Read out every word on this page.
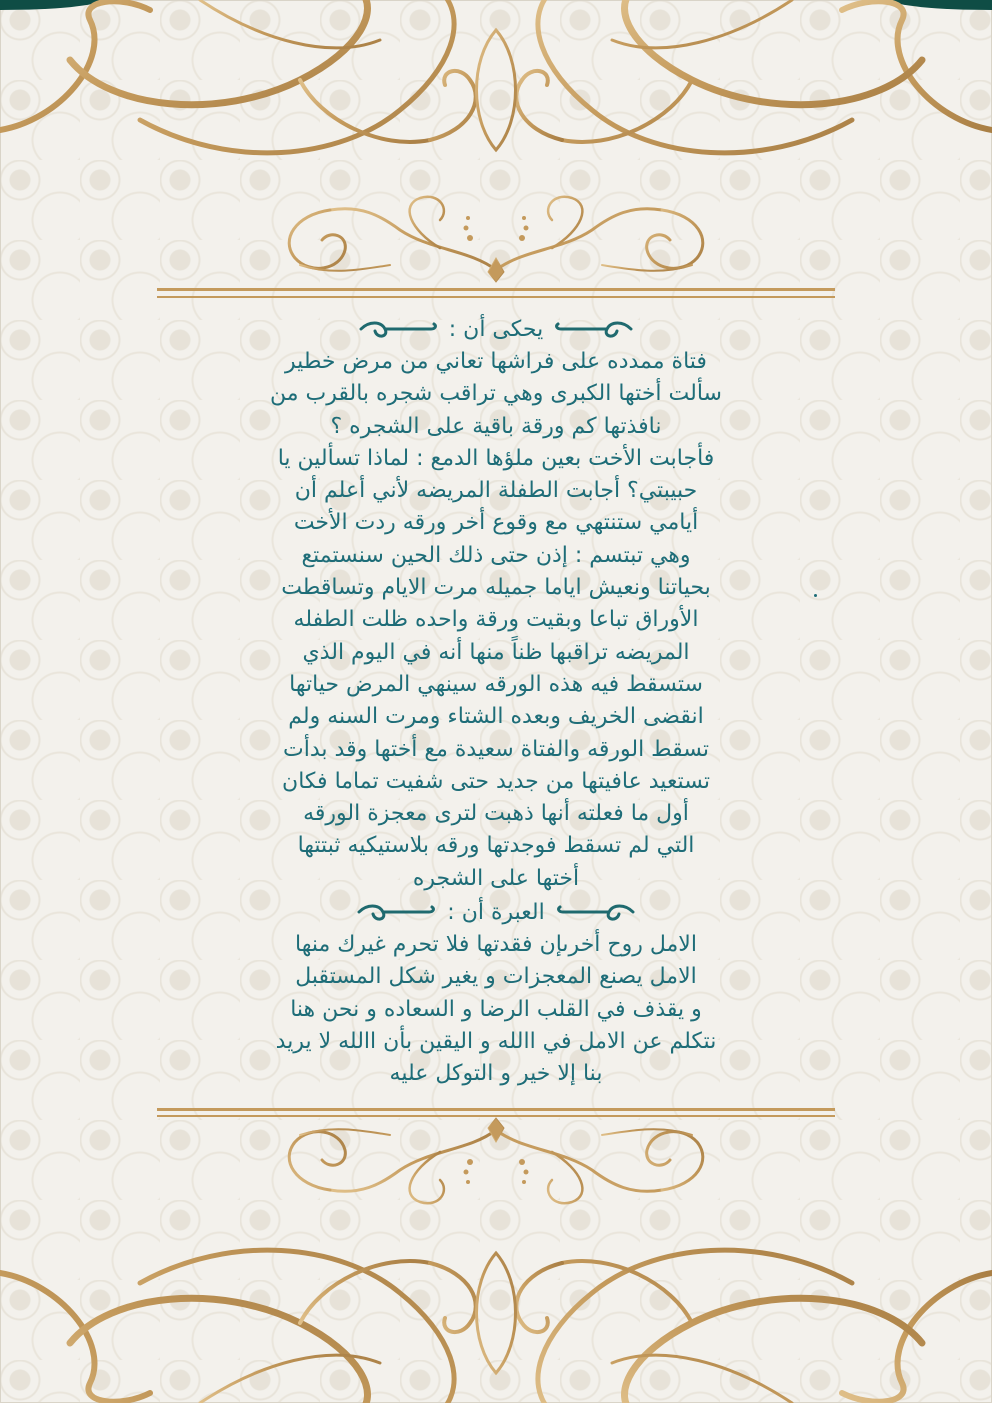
يحكى أن :
فتاة ممدده على فراشها تعاني من مرض خطير
سألت أختها الكبرى وهي تراقب شجره بالقرب من
نافذتها كم ورقة باقية على الشجره ؟
فأجابت الأخت بعين ملؤها الدمع : لماذا تسألين يا
حبيبتي؟ أجابت الطفلة المريضه لأني أعلم أن
أيامي ستنتهي مع وقوع أخر ورقه ردت الأخت
وهي تبتسم : إذن حتى ذلك الحين سنستمتع
بحياتنا ونعيش اياما جميله مرت الايام وتساقطت
الأوراق تباعا وبقيت ورقة واحده ظلت الطفله
المريضه تراقبها ظناً منها أنه في اليوم الذي
ستسقط فيه هذه الورقه سينهي المرض حياتها
انقضى الخريف وبعده الشتاء ومرت السنه ولم
تسقط الورقه والفتاة سعيدة مع أختها وقد بدأت
تستعيد عافيتها من جديد حتى شفيت تماما فكان
أول ما فعلته أنها ذهبت لترى معجزة الورقه
التي لم تسقط فوجدتها ورقه بلاستيكيه ثبتتها
أختها على الشجره
العبرة أن :
الامل روح أخرىإن فقدتها فلا تحرم غيرك منها
الامل يصنع المعجزات و يغير شكل المستقبل
و يقذف في القلب الرضا و السعاده و نحن هنا
نتكلم عن الامل في االله و اليقين بأن االله لا يريد
بنا إلا خير و التوكل عليه
